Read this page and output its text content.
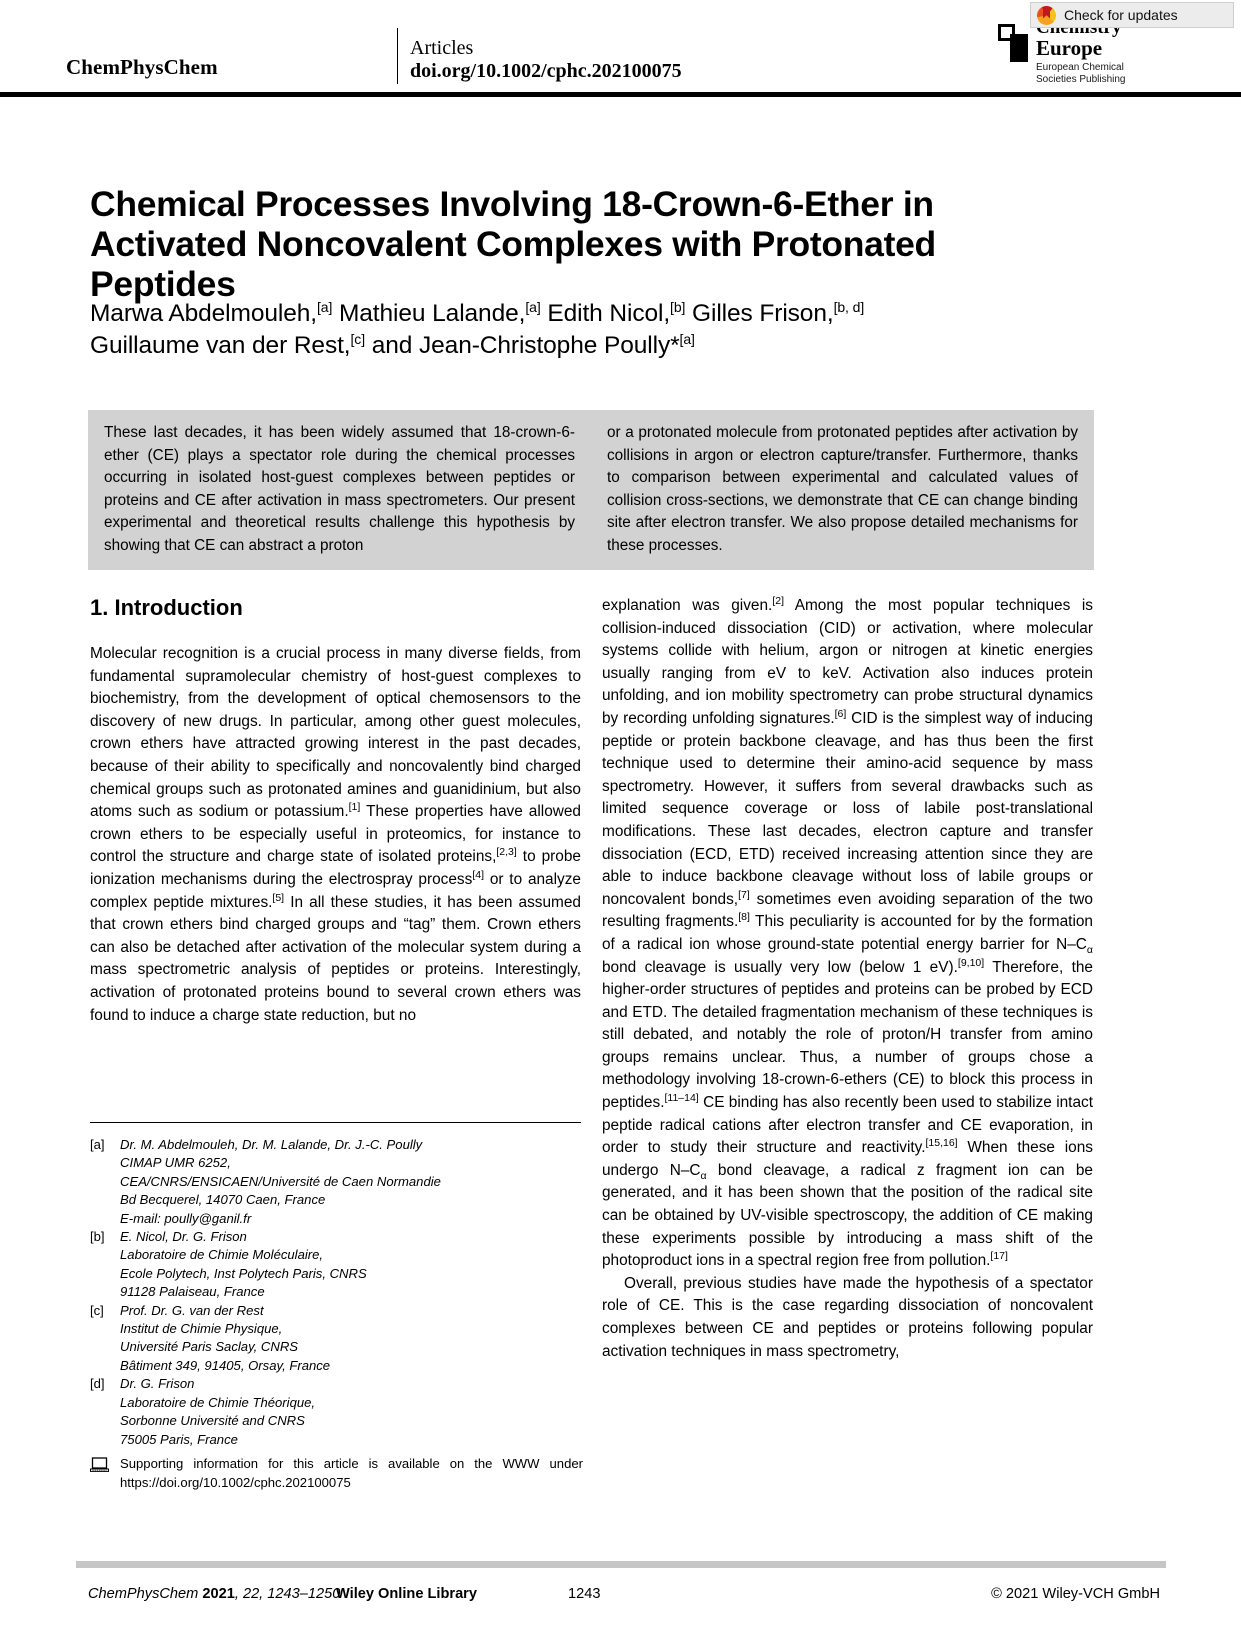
ChemPhysChem
Articles
doi.org/10.1002/cphc.202100075
Europe
European Chemical
Societies Publishing
Check for updates
Chemical Processes Involving 18-Crown-6-Ether in Activated Noncovalent Complexes with Protonated Peptides
Marwa Abdelmouleh,[a] Mathieu Lalande,[a] Edith Nicol,[b] Gilles Frison,[b, d]
Guillaume van der Rest,[c] and Jean-Christophe Poully*[a]
These last decades, it has been widely assumed that 18-crown-6-ether (CE) plays a spectator role during the chemical processes occurring in isolated host-guest complexes between peptides or proteins and CE after activation in mass spectrometers. Our present experimental and theoretical results challenge this hypothesis by showing that CE can abstract a proton
or a protonated molecule from protonated peptides after activation by collisions in argon or electron capture/transfer. Furthermore, thanks to comparison between experimental and calculated values of collision cross-sections, we demonstrate that CE can change binding site after electron transfer. We also propose detailed mechanisms for these processes.
1. Introduction

Molecular recognition is a crucial process in many diverse fields, from fundamental supramolecular chemistry of host-guest complexes to biochemistry, from the development of optical chemosensors to the discovery of new drugs. In particular, among other guest molecules, crown ethers have attracted growing interest in the past decades, because of their ability to specifically and noncovalently bind charged chemical groups such as protonated amines and guanidinium, but also atoms such as sodium or potassium.[1] These properties have allowed crown ethers to be especially useful in proteomics, for instance to control the structure and charge state of isolated proteins,[2,3] to probe ionization mechanisms during the electrospray process[4] or to analyze complex peptide mixtures.[5] In all these studies, it has been assumed that crown ethers bind charged groups and “tag” them. Crown ethers can also be detached after activation of the molecular system during a mass spectrometric analysis of peptides or proteins. Interestingly, activation of protonated proteins bound to several crown ethers was found to induce a charge state reduction, but no

explanation was given.[2] Among the most popular techniques is collision-induced dissociation (CID) or activation, where molecular systems collide with helium, argon or nitrogen at kinetic energies usually ranging from eV to keV. Activation also induces protein unfolding, and ion mobility spectrometry can probe structural dynamics by recording unfolding signatures.[6] CID is the simplest way of inducing peptide or protein backbone cleavage, and has thus been the first technique used to determine their amino-acid sequence by mass spectrometry. However, it suffers from several drawbacks such as limited sequence coverage or loss of labile post-translational modifications. These last decades, electron capture and transfer dissociation (ECD, ETD) received increasing attention since they are able to induce backbone cleavage without loss of labile groups or noncovalent bonds,[7] sometimes even avoiding separation of the two resulting fragments.[8] This peculiarity is accounted for by the formation of a radical ion whose ground-state potential energy barrier for $N-C_\alpha$ bond cleavage is usually very low (below 1 eV).[9,10] Therefore, the higher-order structures of peptides and proteins can be probed by ECD and ETD. The detailed fragmentation mechanism of these techniques is still debated, and notably the role of proton/H transfer from amino groups remains unclear. Thus, a number of groups chose a methodology involving 18-crown-6-ethers (CE) to block this process in peptides.[11–14] CE binding has also recently been used to stabilize intact peptide radical cations after electron transfer and CE evaporation, in order to study their structure and reactivity.[15,16] When these ions undergo $N-C_\alpha$ bond cleavage, a radical z fragment ion can be generated, and it has been shown that the position of the radical site can be obtained by UV-visible spectroscopy, the addition of CE making these experiments possible by introducing a mass shift of the photoproduct ions in a spectral region free from pollution.[17]

Overall, previous studies have made the hypothesis of a spectator role of CE. This is the case regarding dissociation of noncovalent complexes between CE and peptides or proteins following popular activation techniques in mass spectrometry,

[a]	Dr. M. Abdelmouleh, Dr. M. Lalande, Dr. J.-C. Poully
CIMAP UMR 6252,
CEA/CNRS/ENSICAEN/Université de Caen Normandie
Bd Becquerel, 14070 Caen, France
E-mail: poully@ganil.fr
[b]	E. Nicol, Dr. G. Frison
Laboratoire de Chimie Moléculaire,
Ecole Polytech, Inst Polytech Paris, CNRS
91128 Palaiseau, France
[c]	Prof. Dr. G. van der Rest
Institut de Chimie Physique,
Université Paris Saclay, CNRS
Bâtiment 349, 91405, Orsay, France
[d]	Dr. G. Frison
Laboratoire de Chimie Théorique,
Sorbonne Université and CNRS
75005 Paris, France
Supporting information for this article is available on the WWW under https://doi.org/10.1002/cphc.202100075
ChemPhysChem 2021, 22, 1243–1250
Wiley Online Library	1243	© 2021 Wiley-VCH GmbH
